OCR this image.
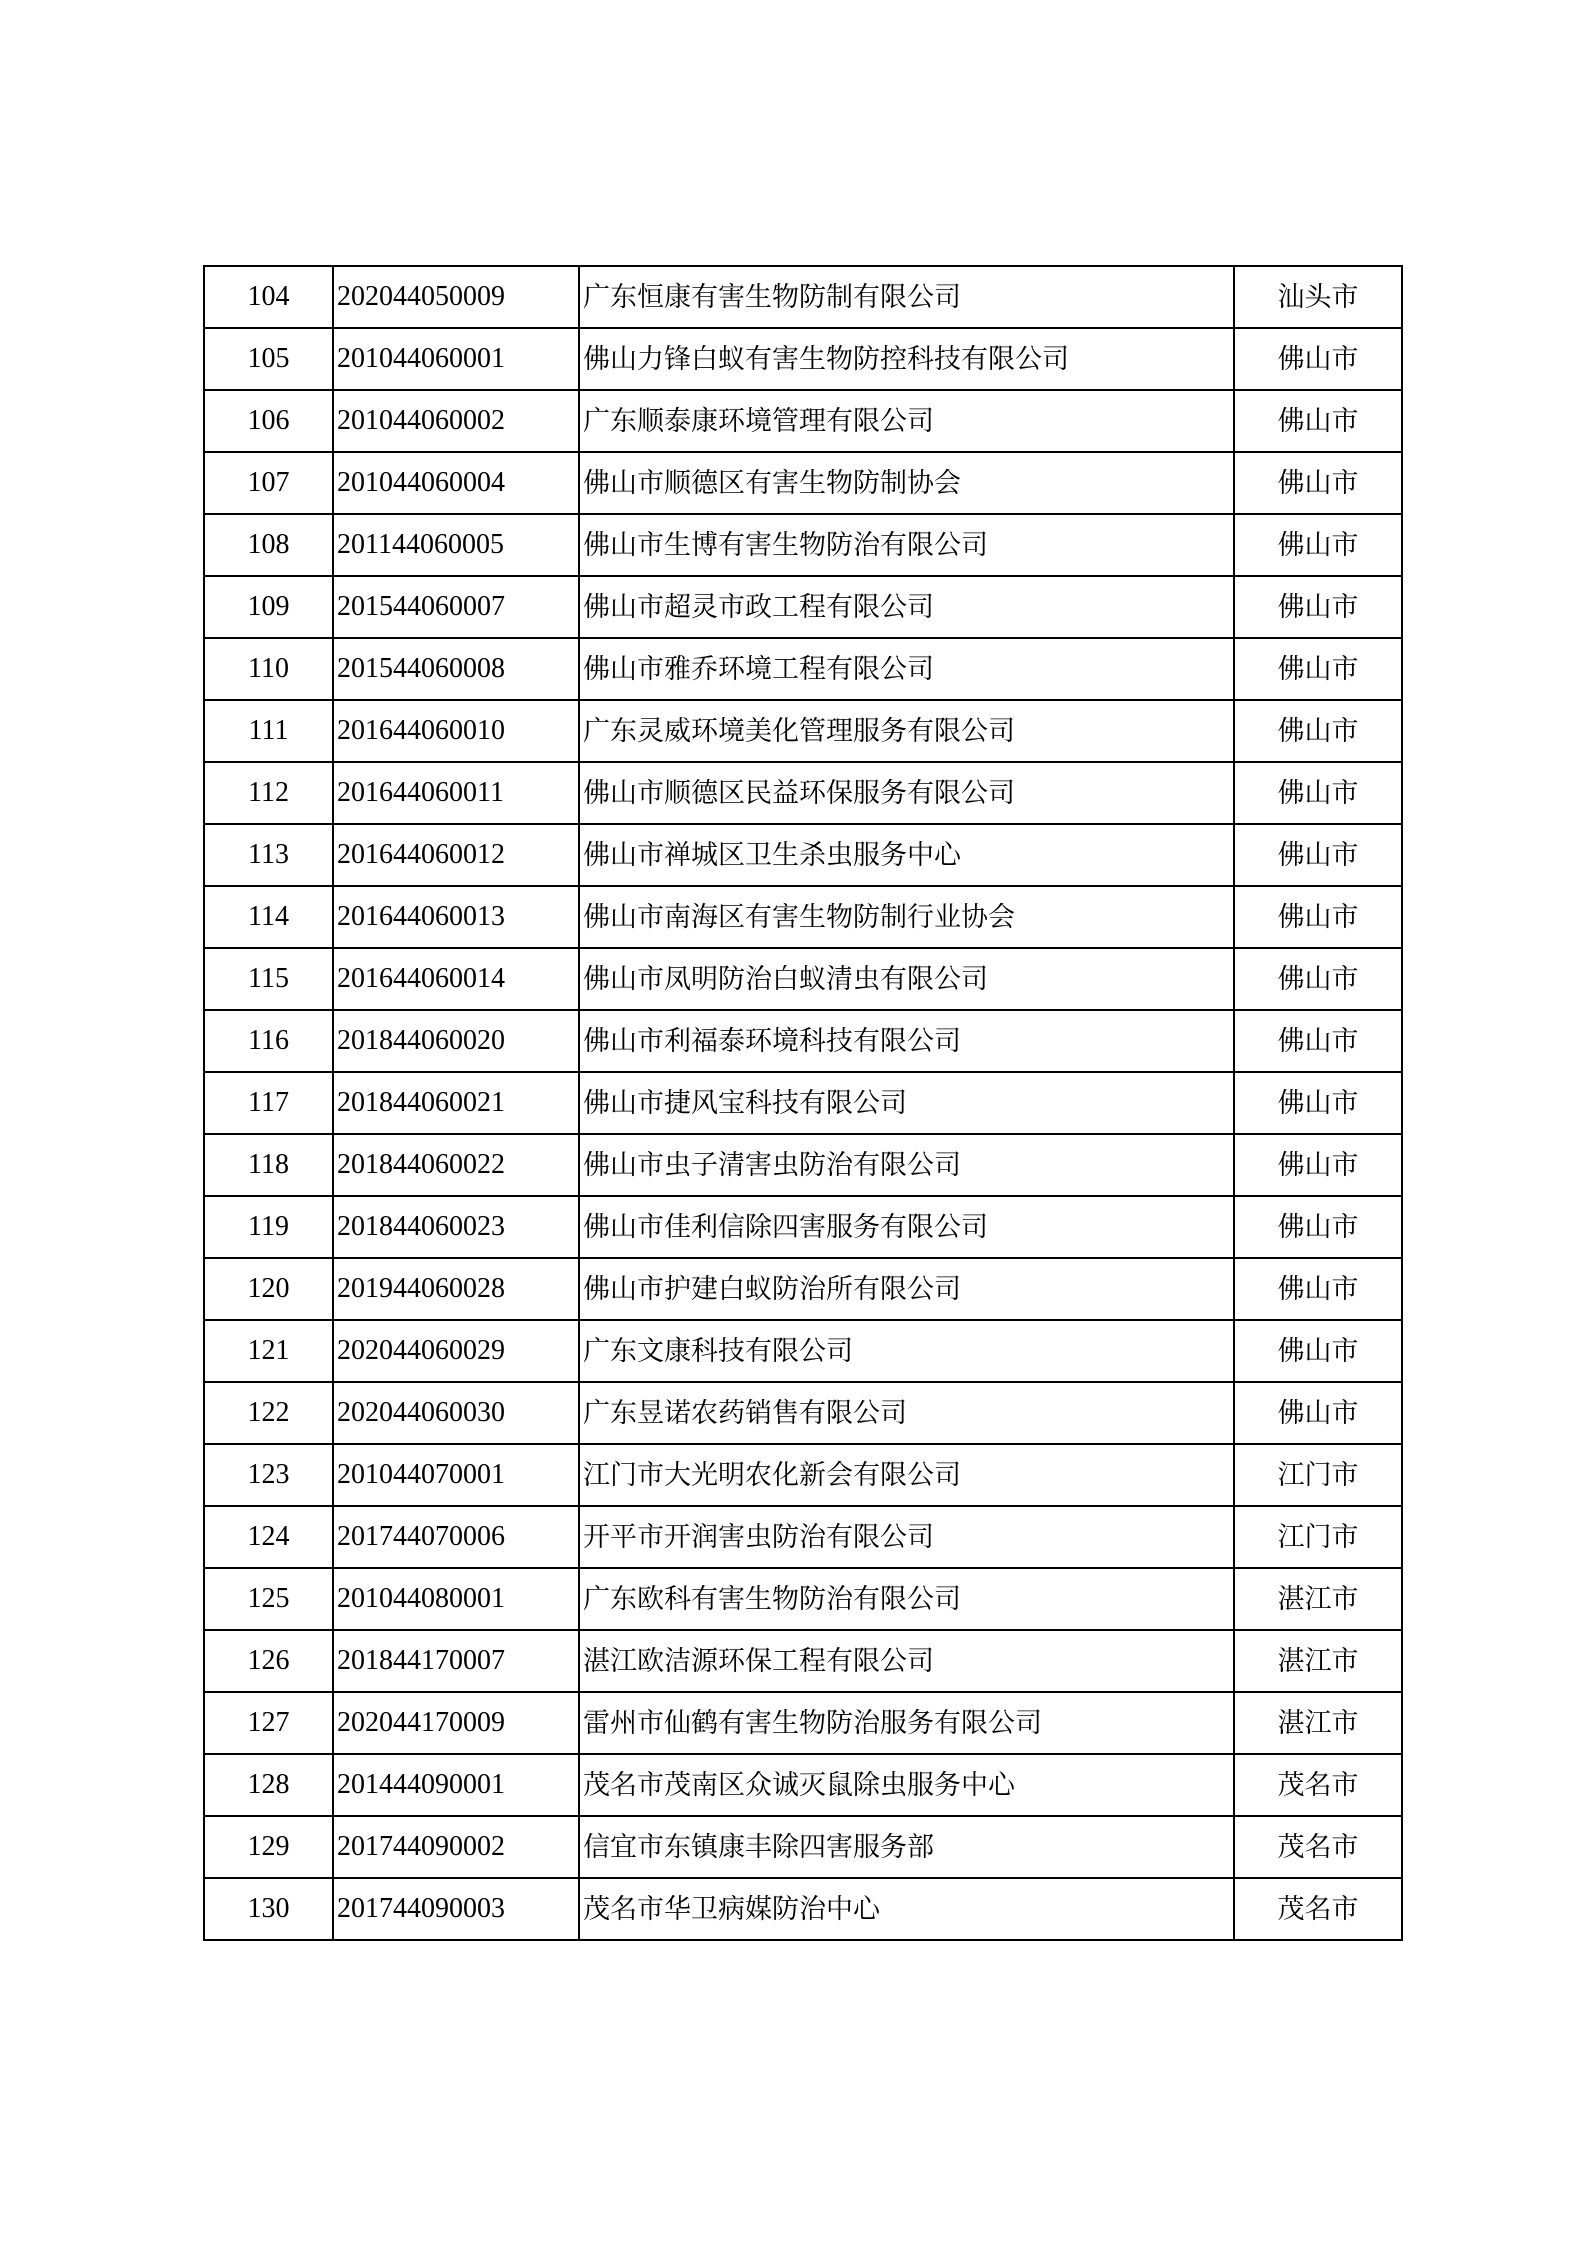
104	202044050009	广东恒康有害生物防制有限公司	汕头市
105	201044060001	佛山力锋白蚁有害生物防控科技有限公司	佛山市
106	201044060002	广东顺泰康环境管理有限公司	佛山市
107	201044060004	佛山市顺德区有害生物防制协会	佛山市
108	201144060005	佛山市生博有害生物防治有限公司	佛山市
109	201544060007	佛山市超灵市政工程有限公司	佛山市
110	201544060008	佛山市雅乔环境工程有限公司	佛山市
111	201644060010	广东灵威环境美化管理服务有限公司	佛山市
112	201644060011	佛山市顺德区民益环保服务有限公司	佛山市
113	201644060012	佛山市禅城区卫生杀虫服务中心	佛山市
114	201644060013	佛山市南海区有害生物防制行业协会	佛山市
115	201644060014	佛山市凤明防治白蚁清虫有限公司	佛山市
116	201844060020	佛山市利福泰环境科技有限公司	佛山市
117	201844060021	佛山市捷风宝科技有限公司	佛山市
118	201844060022	佛山市虫子清害虫防治有限公司	佛山市
119	201844060023	佛山市佳利信除四害服务有限公司	佛山市
120	201944060028	佛山市护建白蚁防治所有限公司	佛山市
121	202044060029	广东文康科技有限公司	佛山市
122	202044060030	广东昱诺农药销售有限公司	佛山市
123	201044070001	江门市大光明农化新会有限公司	江门市
124	201744070006	开平市开润害虫防治有限公司	江门市
125	201044080001	广东欧科有害生物防治有限公司	湛江市
126	201844170007	湛江欧洁源环保工程有限公司	湛江市
127	202044170009	雷州市仙鹤有害生物防治服务有限公司	湛江市
128	201444090001	茂名市茂南区众诚灭鼠除虫服务中心	茂名市
129	201744090002	信宜市东镇康丰除四害服务部	茂名市
130	201744090003	茂名市华卫病媒防治中心	茂名市
